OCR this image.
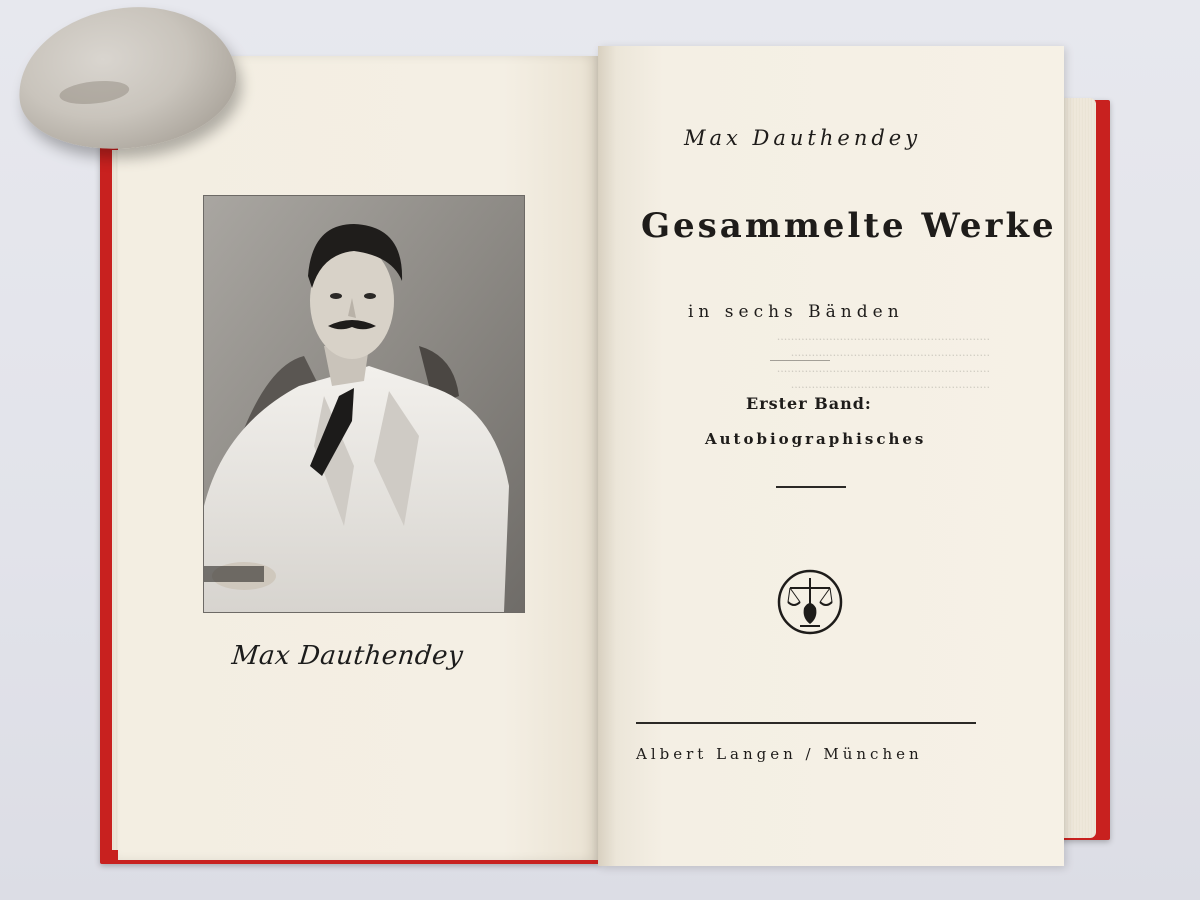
Max Dauthendey
·····························································
·························································
·····························································
·························································
Max Dauthendey
Gesammelte Werke
in sechs Bänden
Erster Band:
Autobiographisches
Albert Langen / München
